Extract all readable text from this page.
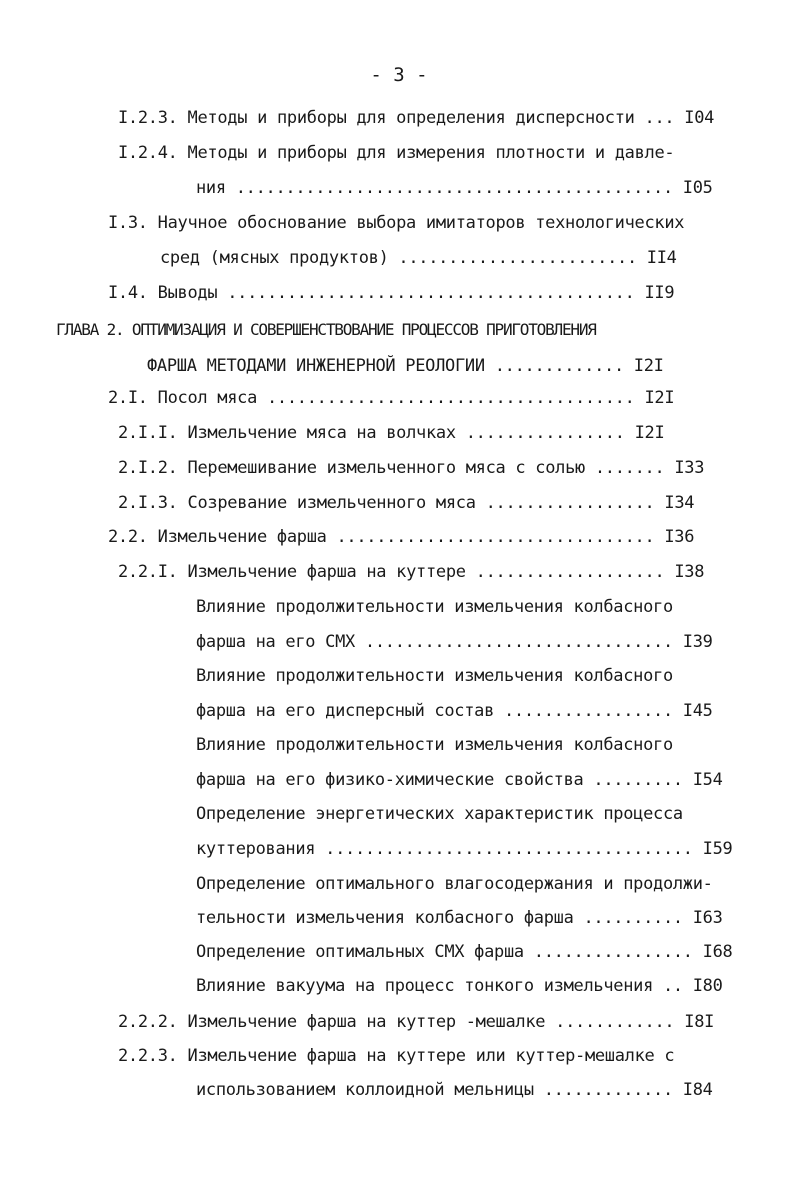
- 3 -
I.2.3. Методы и приборы для определения дисперсности ... I04
I.2.4. Методы и приборы для измерения плотности и давле-
ния ............................................ I05
I.3. Научное обоснование выбора имитаторов технологических
сред (мясных продуктов) ........................ II4
I.4. Выводы ......................................... II9
ГЛАВА 2. ОПТИМИЗАЦИЯ И СОВЕРШЕНСТВОВАНИЕ ПРОЦЕССОВ ПРИГОТОВЛЕНИЯ
ФАРША МЕТОДАМИ ИНЖЕНЕРНОЙ РЕОЛОГИИ ............. I2I
2.I. Посол мяса ..................................... I2I
2.I.I. Измельчение мяса на волчках ................ I2I
2.I.2. Перемешивание измельченного мяса с солью ....... I33
2.I.3. Созревание измельченного мяса ................. I34
2.2. Измельчение фарша ................................ I36
2.2.I. Измельчение фарша на куттере ................... I38
Влияние продолжительности измельчения колбасного
фарша на его СМХ ............................... I39
Влияние продолжительности измельчения колбасного
фарша на его дисперсный состав ................. I45
Влияние продолжительности измельчения колбасного
фарша на его физико-химические свойства ......... I54
Определение энергетических характеристик процесса
куттерования ..................................... I59
Определение оптимального влагосодержания и продолжи-
тельности измельчения колбасного фарша .......... I63
Определение оптимальных СМХ фарша ................ I68
Влияние вакуума на процесс тонкого измельчения .. I80
2.2.2. Измельчение фарша на куттер -мешалке ............ I8I
2.2.3. Измельчение фарша на куттере или куттер-мешалке с
использованием коллоидной мельницы ............. I84
